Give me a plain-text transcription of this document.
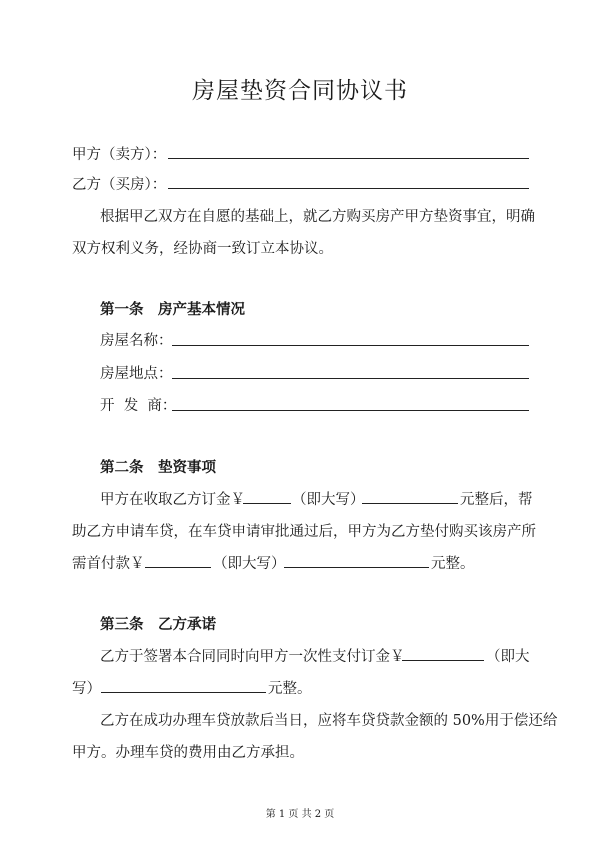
房屋垫资合同协议书
甲方（卖方）：
乙方（买房）：
根据甲乙双方在自愿的基础上，就乙方购买房产甲方垫资事宜，明确
双方权利义务，经协商一致订立本协议。
第一条　房产基本情况
房屋名称：
房屋地点：
开  发  商：
第二条　垫资事项
甲方在收取乙方订金￥	（即大写）	元整后，帮
助乙方申请车贷，在车贷申请审批通过后，甲方为乙方垫付购买该房产所
需首付款￥	（即大写）	元整。
第三条　乙方承诺
乙方于签署本合同同时向甲方一次性支付订金￥	（即大
写）	元整。
乙方在成功办理车贷放款后当日，应将车贷贷款金额的 50%用于偿还给
甲方。办理车贷的费用由乙方承担。
第 1 页 共 2 页
